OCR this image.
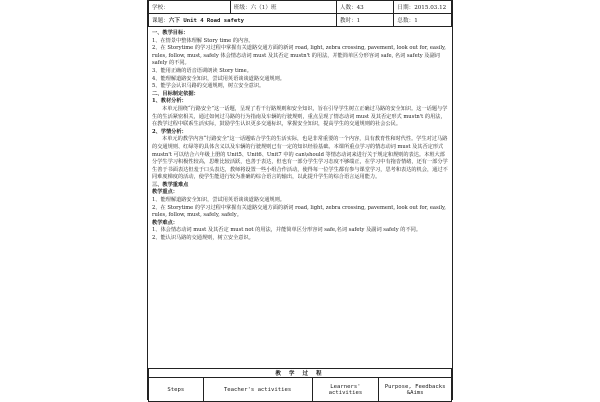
学校：	班级：六（1）班	人数：43	日期：2015.03.12
课题：六下 Unit 4 Road safety		教时：1	总数：1

一、教学目标：

1、在情景中整体理解 Story time 的内容。

2、在 Storytime 的学习过程中掌握有关道路交通方面的新词 road, light, zebra crossing, pavement, look out for, easily, rules, follow, must, safely 体会情态动词 must 及其否定 mustn't 的用法，并能简单区分形容词 safe, 名词 safety 及副词 safely 的不同。

3、能用正确的语音语调朗读 Story time。

4、能理解道路安全知识，尝试用英语谈谈道路交通规则。

5、能学会认识马路的交通规则，树立安全意识。

二、目标制定依据：

1、教材分析：

本单元围绕“行路安全”这一话题，呈现了若干行路规则和安全知识，旨在引导学生树立正确过马路的安全知识。这一话题与学生的生活紧密相关，通过如何过马路的行为指南及车辆的行驶规则，重点呈现了情态动词 must 及其否定形式 mustn't 的用法，在教学过程中联系生活实际，鼓励学生认识更多交通标识，掌握安全知识，提高学生的交通规则的社会公民。

2、学情分析：

本单元的教学内容“行路安全”这一话题贴合学生的生活实际，也是非常重要的一个内容，具有教育性和时代性。学生对过马路的交通规则、红绿等的具体含义以及车辆的行驶规则已有一定的知识经验基础。本课所重点学习的情态动词 must 及其否定形式 mustn't 可以结合六年级上册的 Unit5、Unit6、Unit7 中的 can\should 等情态动词来进行关于规定和规则的表达。本班大部分学生学习积极性较高，思维比较活跃，也善于表达，但也有一部分学生学习态度不够端正，在学习中有拖沓情绪，还有一部分学生善于书面表达但羞于口头表达，教师将设置一些小组合作活动，使得每一位学生都有参与课堂学习，思考和表达的机会，通过不同难度梯度的活动，使学生能进行较为准确的综合语言的输出，以此提升学生的综合语言运用能力。

三、教学重难点

教学重点：

1、能理解道路安全知识，尝试用英语谈谈道路交通规则。

2、在 Storytime 的学习过程中掌握有关道路交通方面的新词 road, light, zebra crossing, pavement, look out for, easily, rules, follow, must, safely, safely。

教学难点：

1、体会情态动词 must 及其否定 must not 的用法，并能简单区分形容词 safe,名词 safety 及副词 safely 的不同。

2、能认识马路的交通规则，树立安全意识。

教 学 过 程
Steps	Teacher's activities	Learners' activities	Purpose, Feedbacks &Aims
